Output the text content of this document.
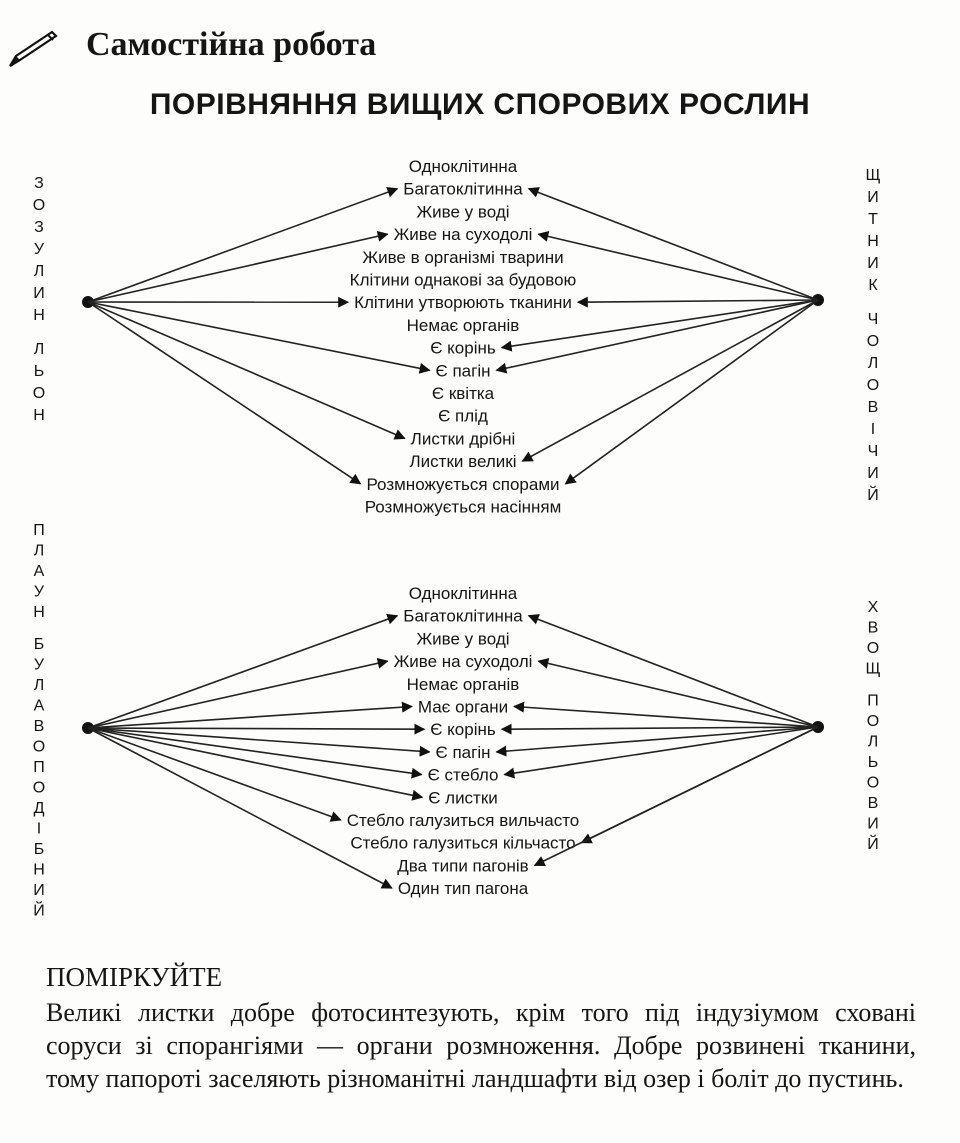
Самостійна робота
ПОРІВНЯННЯ ВИЩИХ СПОРОВИХ РОСЛИН
Одноклітинна
Багатоклітинна
Живе у воді
Живе на суходолі
Живе в організмі тварини
Клітини однакові за будовою
Клітини утворюють тканини
Немає органів
Є корінь
Є пагін
Є квітка
Є плід
Листки дрібні
Листки великі
Розмножується спорами
Розмножується насінням
З О З У Л И Н Л Ь О Н
Щ И Т Н И К Ч О Л О В І Ч И Й
Одноклітинна
Багатоклітинна
Живе у воді
Живе на суходолі
Немає органів
Має органи
Є корінь
Є пагін
Є стебло
Є листки
Стебло галузиться вильчасто
Стебло галузиться кільчасто
Два типи пагонів
Один тип пагона
П Л А У Н Б У Л А В О П О Д І Б Н И Й
Х В О Щ П О Л Ь О В И Й
ПОМІРКУЙТЕ

Великі листки добре фотосинтезують, крім того під індузіумом сховані соруси зі спорангіями — органи розмноження. Добре розвинені тканини, тому папороті заселяють різноманітні ландшафти від озер і боліт до пустинь.
